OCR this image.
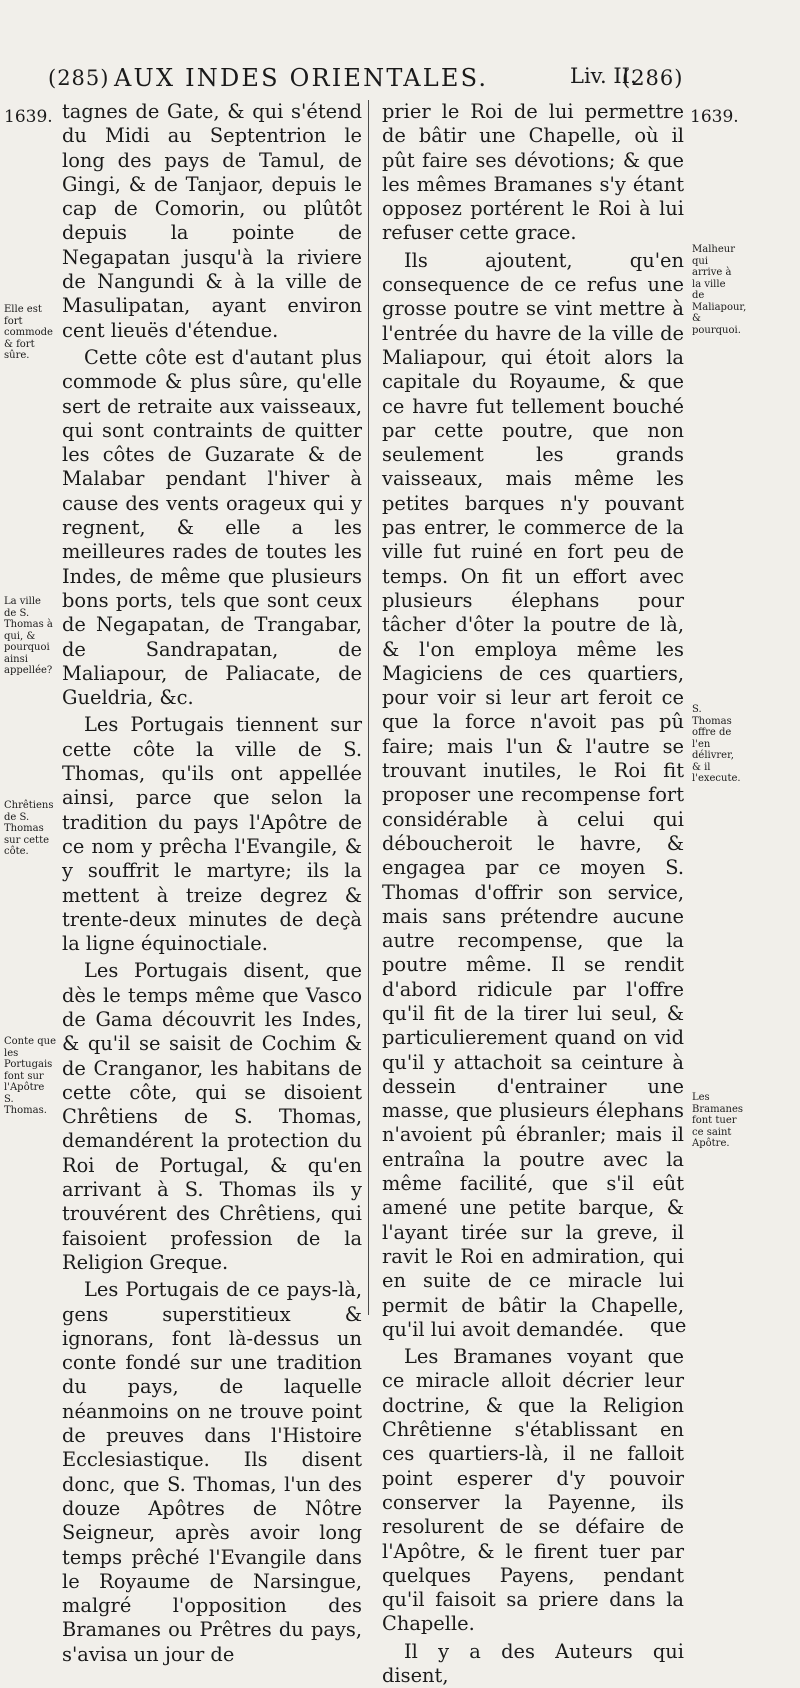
(285) AUX INDES ORIENTALES.	Liv. II.
(286)
1639.	1639.

tagnes de Gate, & qui s'étend du Midi au Septentrion le long des pays de Tamul, de Gingi, & de Tanjaor, depuis le cap de Comorin, ou plûtôt depuis la pointe de Negapatan jusqu'à la riviere de Nangundi & à la ville de Masulipatan, ayant environ cent lieuës d'étendue.

Cette côte est d'autant plus commode & plus sûre, qu'elle sert de retraite aux vaisseaux, qui sont contraints de quitter les côtes de Guzarate & de Malabar pendant l'hiver à cause des vents orageux qui y regnent, & elle a les meilleures rades de toutes les Indes, de même que plusieurs bons ports, tels que sont ceux de Negapatan, de Trangabar, de Sandrapatan, de Maliapour, de Paliacate, de Gueldria, &c.

Les Portugais tiennent sur cette côte la ville de S. Thomas, qu'ils ont appellée ainsi, parce que selon la tradition du pays l'Apôtre de ce nom y prêcha l'Evangile, & y souffrit le martyre; ils la mettent à treize degrez & trente-deux minutes de deçà la ligne équinoctiale.

Les Portugais disent, que dès le temps même que Vasco de Gama découvrit les Indes, & qu'il se saisit de Cochim & de Cranganor, les habitans de cette côte, qui se disoient Chrêtiens de S. Thomas, demandérent la protection du Roi de Portugal, & qu'en arrivant à S. Thomas ils y trouvérent des Chrêtiens, qui faisoient profession de la Religion Greque.

Les Portugais de ce pays-là, gens superstitieux & ignorans, font là-dessus un conte fondé sur une tradition du pays, de laquelle néanmoins on ne trouve point de preuves dans l'Histoire Ecclesiastique. Ils disent donc, que S. Thomas, l'un des douze Apôtres de Nôtre Seigneur, après avoir long temps prêché l'Evangile dans le Royaume de Narsingue, malgré l'opposition des Bramanes ou Prêtres du pays, s'avisa un jour de

prier le Roi de lui permettre de bâtir une Chapelle, où il pût faire ses dévotions; & que les mêmes Bramanes s'y étant opposez portérent le Roi à lui refuser cette grace.

Ils ajoutent, qu'en consequence de ce refus une grosse poutre se vint mettre à l'entrée du havre de la ville de Maliapour, qui étoit alors la capitale du Royaume, & que ce havre fut tellement bouché par cette poutre, que non seulement les grands vaisseaux, mais même les petites barques n'y pouvant pas entrer, le commerce de la ville fut ruiné en fort peu de temps. On fit un effort avec plusieurs élephans pour tâcher d'ôter la poutre de là, & l'on employa même les Magiciens de ces quartiers, pour voir si leur art feroit ce que la force n'avoit pas pû faire; mais l'un & l'autre se trouvant inutiles, le Roi fit proposer une recompense fort considérable à celui qui déboucheroit le havre, & engagea par ce moyen S. Thomas d'offrir son service, mais sans prétendre aucune autre recompense, que la poutre même. Il se rendit d'abord ridicule par l'offre qu'il fit de la tirer lui seul, & particulierement quand on vid qu'il y attachoit sa ceinture à dessein d'entrainer une masse, que plusieurs élephans n'avoient pû ébranler; mais il entraîna la poutre avec la même facilité, que s'il eût amené une petite barque, & l'ayant tirée sur la greve, il ravit le Roi en admiration, qui en suite de ce miracle lui permit de bâtir la Chapelle, qu'il lui avoit demandée.

Les Bramanes voyant que ce miracle alloit décrier leur doctrine, & que la Religion Chrêtienne s'établissant en ces quartiers-là, il ne falloit point esperer d'y pouvoir conserver la Payenne, ils resolurent de se défaire de l'Apôtre, & le firent tuer par quelques Payens, pendant qu'il faisoit sa priere dans la Chapelle.

Il y a des Auteurs qui disent,

que
Elle est fort commode & fort sûre.
La ville de S. Thomas à qui, & pourquoi ainsi appellée?
Chrêtiens de S. Thomas sur cette côte.
Conte que les Portugais font sur l'Apôtre S. Thomas.
Malheur qui arrive à la ville de Maliapour, & pourquoi.
S. Thomas offre de l'en délivrer, & il l'execute.
Les Bramanes font tuer ce saint Apôtre.
